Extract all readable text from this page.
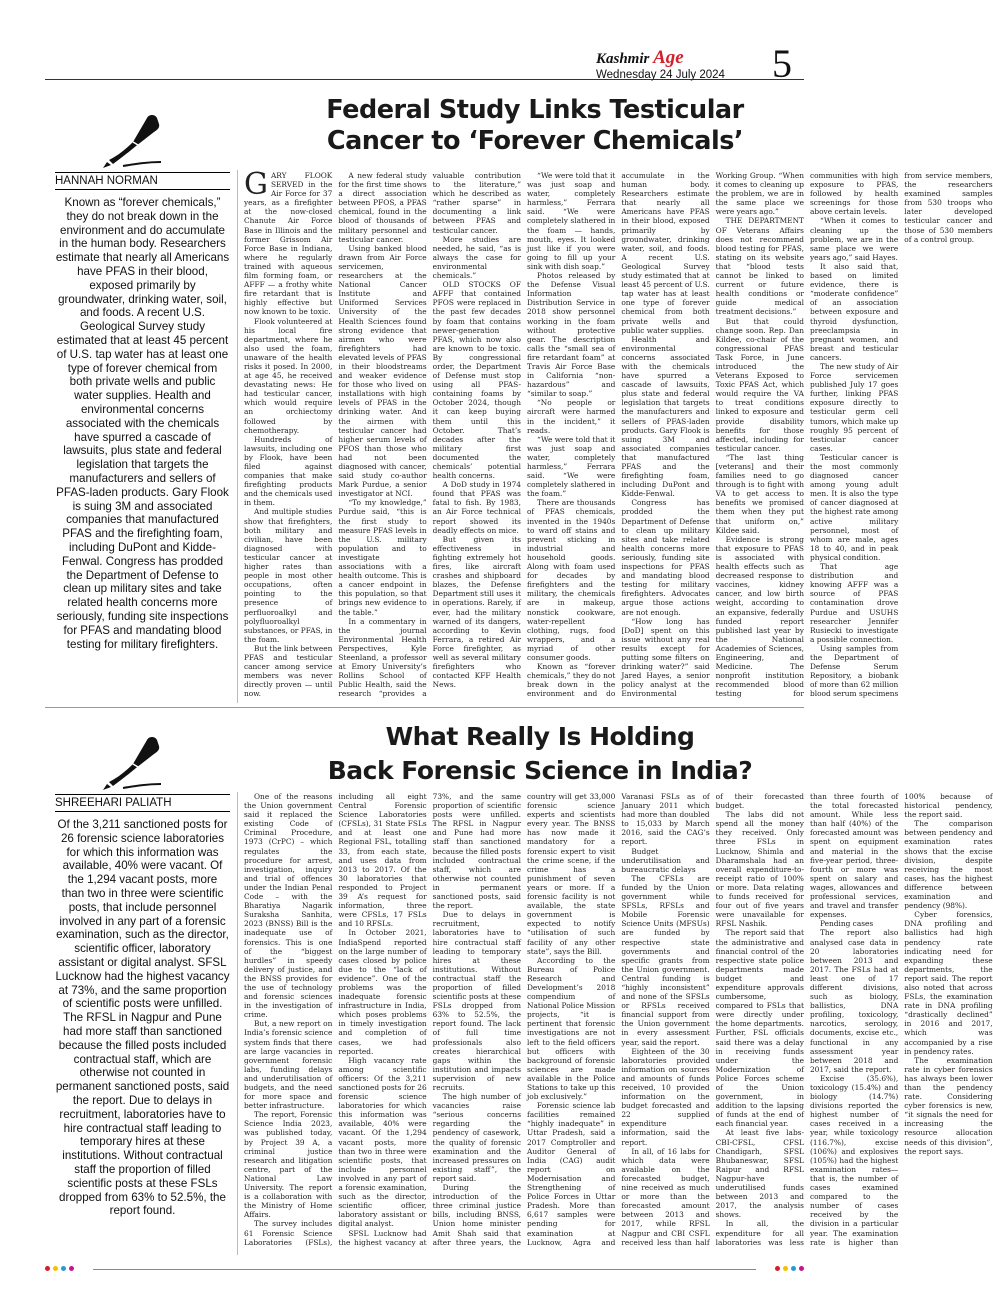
Kashmir Age
Wednesday 24 July 2024 5
Federal Study Links Testicular
Cancer to ‘Forever Chemicals’
HANNAH NORMAN
Known as “forever chemicals,” they do not break down in the environment and do accumulate in the human body. Researchers estimate that nearly all Americans have PFAS in their blood, exposed primarily by groundwater, drinking water, soil, and foods. A recent U.S. Geological Survey study estimated that at least 45 percent of U.S. tap water has at least one type of forever chemical from both private wells and public water supplies. Health and environmental concerns associated with the chemicals have spurred a cascade of lawsuits, plus state and federal legislation that targets the manufacturers and sellers of PFAS-laden products. Gary Flook is suing 3M and associated companies that manufactured PFAS and the firefighting foam, including DuPont and Kidde-Fenwal. Congress has prodded the Department of Defense to clean up military sites and take related health concerns more seriously, funding site inspections for PFAS and mandating blood testing for military firefighters.

GARY FLOOK SERVED in the Air Force for 37 years, as a firefighter at the now-closed Chanute Air Force Base in Illinois and the former Grissom Air Force Base in Indiana, where he regularly trained with aqueous film forming foam, or AFFF — a frothy white fire retardant that is highly effective but now known to be toxic.

Flook volunteered at his local fire department, where he also used the foam, unaware of the health risks it posed. In 2000, at age 45, he received devastating news: He had testicular cancer, which would require an orchiectomy followed by chemotherapy.

Hundreds of lawsuits, including one by Flook, have been filed against companies that make firefighting products and the chemicals used in them.

And multiple studies show that firefighters, both military and civilian, have been diagnosed with testicular cancer at higher rates than people in most other occupations, often pointing to the presence of perfluoroalkyl and polyfluoroalkyl substances, or PFAS, in the foam.

But the link between PFAS and testicular cancer among service members was never directly proven — until now.

A new federal study for the first time shows a direct association between PFOS, a PFAS chemical, found in the blood of thousands of military personnel and testicular cancer.

Using banked blood drawn from Air Force servicemen, researchers at the National Cancer Institute and Uniformed Services University of the Health Sciences found strong evidence that airmen who were firefighters had elevated levels of PFAS in their bloodstreams and weaker evidence for those who lived on installations with high levels of PFAS in the drinking water. And the airmen with testicular cancer had higher serum levels of PFOS than those who had not been diagnosed with cancer, said study co-author Mark Purdue, a senior investigator at NCI.

“To my knowledge,” Purdue said, “this is the first study to measure PFAS levels in the U.S. military population and to investigate associations with a health outcome. This is a cancer endpoint in this population, so that brings new evidence to the table.”

In a commentary in the journal Environmental Health Perspectives, Kyle Steenland, a professor at Emory University’s Rollins School of Public Health, said the research “provides a valuable contribution to the literature,” which he described as “rather sparse” in documenting a link between PFAS and testicular cancer.

More studies are needed, he said, “as is always the case for environmental chemicals.”

OLD STOCKS OF AFFF that contained PFOS were replaced in the past few decades by foam that contains newer-generation PFAS, which now also are known to be toxic. By congressional order, the Department of Defense must stop using all PFAS-containing foams by October 2024, though it can keep buying them until this October. That’s decades after the military first documented the chemicals’ potential health concerns.

A DoD study in 1974 found that PFAS was fatal to fish. By 1983, an Air Force technical report showed its deadly effects on mice.

But given its effectiveness in fighting extremely hot fires, like aircraft crashes and shipboard blazes, the Defense Department still uses it in operations. Rarely, if ever, had the military warned of its dangers, according to Kevin Ferrara, a retired Air Force firefighter, as well as several military firefighters who contacted KFF Health News.

“We were told that it was just soap and water, completely harmless,” Ferrara said. “We were completely slathered in the foam — hands, mouth, eyes. It looked just like if you were going to fill up your sink with dish soap.”

Photos released by the Defense Visual Information Distribution Service in 2018 show personnel working in the foam without protective gear. The description calls the “small sea of fire retardant foam” at Travis Air Force Base in California “non-hazardous” and “similar to soap.”

“No people or aircraft were harmed in the incident,” it reads.

“We were told that it was just soap and water, completely harmless,” Ferrara said. “We were completely slathered in the foam.”

There are thousands of PFAS chemicals, invented in the 1940s to ward off stains and prevent sticking in industrial and household goods. Along with foam used for decades by firefighters and the military, the chemicals are in makeup, nonstick cookware, water-repellent clothing, rugs, food wrappers, and a myriad of other consumer goods.

Known as “forever chemicals,” they do not break down in the environment and do accumulate in the human body. Researchers estimate that nearly all Americans have PFAS in their blood, exposed primarily by groundwater, drinking water, soil, and foods. A recent U.S. Geological Survey study estimated that at least 45 percent of U.S. tap water has at least one type of forever chemical from both private wells and public water supplies.

Health and environmental concerns associated with the chemicals have spurred a cascade of lawsuits, plus state and federal legislation that targets the manufacturers and sellers of PFAS-laden products. Gary Flook is suing 3M and associated companies that manufactured PFAS and the firefighting foam, including DuPont and Kidde-Fenwal.

Congress has prodded the Department of Defense to clean up military sites and take related health concerns more seriously, funding site inspections for PFAS and mandating blood testing for military firefighters. Advocates argue those actions are not enough.

“How long has [DoD] spent on this issue without any real results except for putting some filters on drinking water?” said Jared Hayes, a senior policy analyst at the Environmental Working Group. “When it comes to cleaning up the problem, we are in the same place we were years ago.”

THE DEPARTMENT OF Veterans Affairs does not recommend blood testing for PFAS, stating on its website that “blood tests cannot be linked to current or future health conditions or guide medical treatment decisions.”

But that could change soon. Rep. Dan Kildee, co-chair of the congressional PFAS Task Force, in June introduced the Veterans Exposed to Toxic PFAS Act, which would require the VA to treat conditions linked to exposure and provide disability benefits for those affected, including for testicular cancer.

“The last thing [veterans] and their families need to go through is to fight with VA to get access to benefits we promised them when they put that uniform on,” Kildee said.

Evidence is strong that exposure to PFAS is associated with health effects such as decreased response to vaccines, kidney cancer, and low birth weight, according to an expansive, federally funded report published last year by the National Academies of Sciences, Engineering, and Medicine. The nonprofit institution recommended blood testing for communities with high exposure to PFAS, followed by health screenings for those above certain levels.

“When it comes to cleaning up the problem, we are in the same place we were years ago,” said Hayes.

It also said that, based on limited evidence, there is “moderate confidence” of an association between exposure and thyroid dysfunction, preeclampsia in pregnant women, and breast and testicular cancers.

The new study of Air Force servicemen published July 17 goes further, linking PFAS exposure directly to testicular germ cell tumors, which make up roughly 95 percent of testicular cancer cases.

Testicular cancer is the most commonly diagnosed cancer among young adult men. It is also the type of cancer diagnosed at the highest rate among active military personnel, most of whom are male, ages 18 to 40, and in peak physical condition.

That age distribution and knowing AFFF was a source of PFAS contamination drove Purdue and USUHS researcher Jennifer Rusiecki to investigate a possible connection.

Using samples from the Department of Defense Serum Repository, a biobank of more than 62 million blood serum specimens from service members, the researchers examined samples from 530 troops who later developed testicular cancer and those of 530 members of a control group.

What Really Is Holding
Back Forensic Science in India?
SHREEHARI PALIATH
Of the 3,211 sanctioned posts for 26 forensic science laboratories for which this information was available, 40% were vacant. Of the 1,294 vacant posts, more than two in three were scientific posts, that include personnel involved in any part of a forensic examination, such as the director, scientific officer, laboratory assistant or digital analyst. SFSL Lucknow had the highest vacancy at 73%, and the same proportion of scientific posts were unfilled. The RFSL in Nagpur and Pune had more staff than sanctioned because the filled posts included contractual staff, which are otherwise not counted in permanent sanctioned posts, said the report. Due to delays in recruitment, laboratories have to hire contractual staff leading to temporary hires at these institutions. Without contractual staff the proportion of filled scientific posts at these FSLs dropped from 63% to 52.5%, the report found.

One of the reasons the Union government said it replaced the existing Code of Criminal Procedure, 1973 (CrPC) – which regulates the procedure for arrest, investigation, inquiry and trial of offences under the Indian Penal Code – with the Bharatiya Nagarik Suraksha Sanhita, 2023 (BNSS) Bill is the inadequate use of forensics. This is one of the “biggest hurdles” in speedy delivery of justice, and the BNSS provides for the use of technology and forensic sciences in the investigation of crime.

But, a new report on India’s forensic science system finds that there are large vacancies in government forensic labs, funding delays and underutilisation of budgets, and the need for more space and better infrastructure.

The report, Forensic Science India 2023, was published today, by Project 39 A, a criminal justice research and litigation centre, part of the National Law University. The report is a collaboration with the Ministry of Home Affairs.

The survey includes 61 Forensic Science Laboratories (FSLs), including all eight Central Forensic Science Laboratories (CFSLs), 31 State FSLs and at least one Regional FSL, totalling 33, from each state, and uses data from 2013 to 2017. Of the 30 laboratories that responded to Project 39 A’s request for information, three were CFSLs, 17 FSLs and 10 RFSLs.

In October 2021, IndiaSpend reported on the large number of cases closed by police due to the “lack of evidence”. One of the problems was the inadequate forensic infrastructure in India, which poses problems in timely investigation and completion of cases, we had reported.

High vacancy rate among scientific officers: Of the 3,211 sanctioned posts for 26 forensic science laboratories for which this information was available, 40% were vacant. Of the 1,294 vacant posts, more than two in three were scientific posts, that include personnel involved in any part of a forensic examination, such as the director, scientific officer, laboratory assistant or digital analyst.

SFSL Lucknow had the highest vacancy at 73%, and the same proportion of scientific posts were unfilled. The RFSL in Nagpur and Pune had more staff than sanctioned because the filled posts included contractual staff, which are otherwise not counted in permanent sanctioned posts, said the report.

Due to delays in recruitment, laboratories have to hire contractual staff leading to temporary hires at these institutions. Without contractual staff the proportion of filled scientific posts at these FSLs dropped from 63% to 52.5%, the report found. The lack of full time professionals also creates hierarchical gaps within the institution and impacts supervision of new recruits.

The high number of vacancies raise “serious concerns regarding the pendency of casework, the quality of forensic examination and the increased pressures on existing staff”, the report said.

During the introduction of the three criminal justice bills, including BNSS, Union home minister Amit Shah said that after three years, the country will get 33,000 forensic science experts and scientists every year. The BNSS has now made it mandatory for a forensic expert to visit the crime scene, if the crime has a punishment of seven years or more. If a forensic facility is not available, the state government is expected to notify “utilisation of such facility of any other state”, says the Bill.

According to the Bureau of Police Research and Development’s 2018 compendium of National Police Mission projects, “it is pertinent that forensic investigations are not left to the field officers but officers with background of forensic sciences are made available in the Police Stations to take up this job exclusively.”

Forensic science lab facilities remained “highly inadequate” in Uttar Pradesh, said a 2017 Comptroller and Auditor General of India (CAG) audit report on Modernisation and Strengthening of Police Forces in Uttar Pradesh. More than 6,617 samples were pending for examination at Lucknow, Agra and Varanasi FSLs as of January 2011 which had more than doubled to 15,033 by March 2016, said the CAG’s report.

Budget underutilisation and bureaucratic delays

The CFSLs are funded by the Union government while SFSLs, RFSLs and Mobile Forensic Science Units (MFSUs) are funded by respective state governments and specific grants from the Union government. Central funding is “highly inconsistent” and none of the SFSLs or RFSLs received financial support from the Union government in every assessment year, said the report.

Eighteen of the 30 laboratories provided information on sources and amounts of funds received, 10 provided information on the budget forecasted and 22 supplied expenditure information, said the report.

In all, of 16 labs for which data were available on the forecasted budget, nine received as much or more than the forecasted amount between 2013 and 2017, while RFSL Nagpur and CBI CSFL received less than half of their forecasted budget.

The labs did not spend all the money they received. Only three FSLs in Lucknow, Shimla and Dharamshala had an overall expenditure-to-receipt ratio of 100% or more. Data relating to funds received for four out of five years were unavailable for RFSL Nashik.

The report said that the administrative and financial control of the respective state police departments made budget and expenditure approvals cumbersome, compared to FSLs that were directly under the home departments. Further, FSL officials said there was a delay in receiving funds under the Modernization of Police Forces scheme of the Union government, in addition to the lapsing of funds at the end of each financial year.

At least five labs-CBI-CFSL, CFSL Chandigarh, SFSL Bhubaneswar, SFSL Raipur and RFSL Nagpur-have underutilised funds between 2013 and 2017, the analysis shows.

In all, the expenditure for all laboratories was less than three fourth of the total forecasted amount. While less than half (40%) of the forecasted amount was spent on equipment and material in the five-year period, three-fourth or more was spent on salary and wages, allowances and professional services, and travel and transfer expenses.

Pending cases

The report also analysed case data in 20 laboratories between 2013 and 2017. The FSLs had at least one of 17 different divisions, such as biology, ballistics, DNA profiling, toxicology, narcotics, serology, documents, excise etc., functional in any assessment year between 2018 and 2017, said the report.

Excise (35.6%), toxicology (15.4%) and biology (14.7%) divisions reported the highest number of cases received in a year, while toxicology (116.7%), excise (106%) and explosives (105%) had the highest examination rates—that is, the number of cases examined compared to the number of cases received by the division in a particular year. The examination rate is higher than 100% because of historical pendency, the report said.

The comparison between pendency and examination rates shows that the excise division, despite receiving the most cases, has the highest difference between examination and pendency (98%).

Cyber forensics, DNA profiling and ballistics had high pendency rate indicating need for expanding these departments, the report said. The report also noted that across FSLs, the examination rate in DNA profiling “drastically declined” in 2016 and 2017, which was accompanied by a rise in pendency rates.

The examination rate in cyber forensics has always been lower than the pendency rate. Considering cyber forensics is new, “it signals the need for increasing the resource allocation needs of this division”, the report says.
